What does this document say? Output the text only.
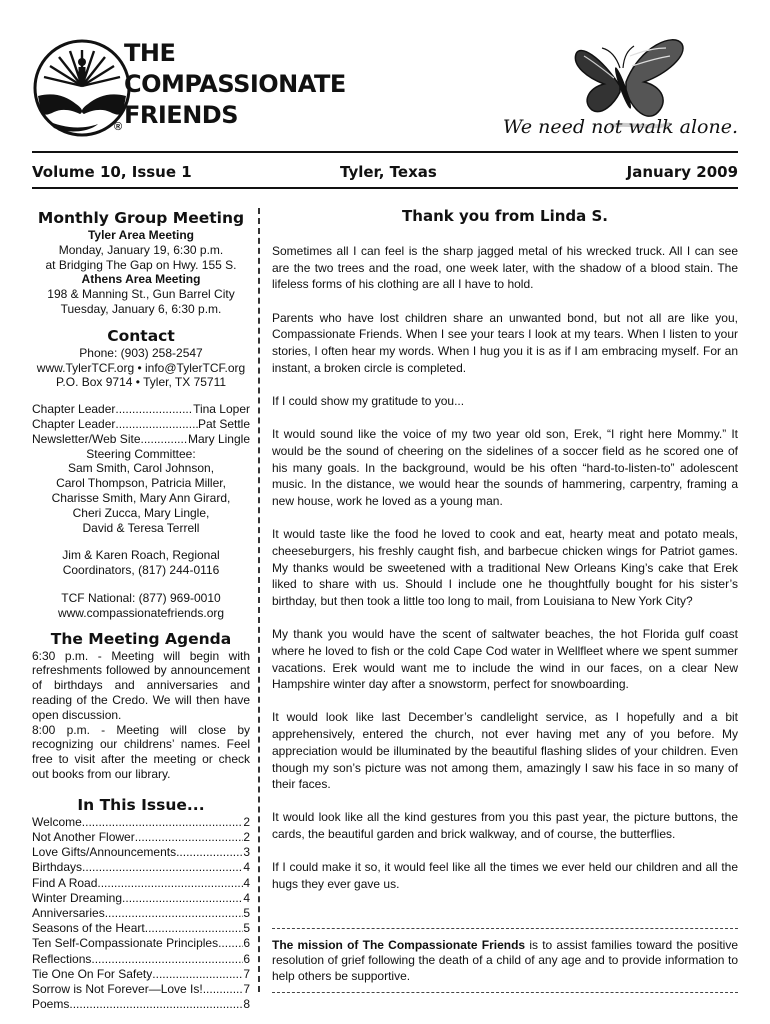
THE
COMPASSIONATE
FRIENDS
®	We need not walk alone.
Volume 10, Issue 1	Tyler, Texas	January 2009
Monthly Group Meeting
Tyler Area Meeting
Monday, January 19, 6:30 p.m.
at Bridging The Gap on Hwy. 155 S.
Athens Area Meeting
198 & Manning St., Gun Barrel City
Tuesday, January 6, 6:30 p.m.
Contact
Phone: (903) 258-2547
www.TylerTCF.org • info@TylerTCF.org
P.O. Box 9714 • Tyler, TX 75711
Chapter Leader .....	Tina Loper
Chapter Leader .....	Pat Settle
Newsletter/Web Site .....	Mary Lingle
Steering Committee:
Sam Smith, Carol Johnson,
Carol Thompson, Patricia Miller,
Charisse Smith, Mary Ann Girard,
Cheri Zucca, Mary Lingle,
David & Teresa Terrell
Jim & Karen Roach, Regional
Coordinators, (817) 244-0116
TCF National: (877) 969-0010
www.compassionatefriends.org
The Meeting Agenda
6:30 p.m. - Meeting will begin with refreshments followed by announcement of birthdays and anniversaries and reading of the Credo. We will then have open discussion.
8:00 p.m. - Meeting will close by recognizing our childrens’ names. Feel free to visit after the meeting or check out books from our library.
In This Issue...
Welcome .....	2
Not Another Flower .....	2
Love Gifts/Announcements .....	3
Birthdays .....	4
Find A Road .....	4
Winter Dreaming .....	4
Anniversaries .....	5
Seasons of the Heart .....	5
Ten Self-Compassionate Principles ..... 6
Reflections .....	6
Tie One On For Safety .....	7
Sorrow is Not Forever—Love Is! .....	7
Poems .....	8
Thank you from Linda S.

Sometimes all I can feel is the sharp jagged metal of his wrecked truck. All I can see are the two trees and the road, one week later, with the shadow of a blood stain. The lifeless forms of his clothing are all I have to hold.

Parents who have lost children share an unwanted bond, but not all are like you, Compassionate Friends. When I see your tears I look at my tears. When I listen to your stories, I often hear my words. When I hug you it is as if I am embracing myself. For an instant, a broken circle is completed.

If I could show my gratitude to you...

It would sound like the voice of my two year old son, Erek, “I right here Mommy.” It would be the sound of cheering on the sidelines of a soccer field as he scored one of his many goals. In the background, would be his often “hard-to-listen-to” adolescent music. In the distance, we would hear the sounds of hammering, carpentry, framing a new house, work he loved as a young man.

It would taste like the food he loved to cook and eat, hearty meat and potato meals, cheeseburgers, his freshly caught fish, and barbecue chicken wings for Patriot games. My thanks would be sweetened with a traditional New Orleans King’s cake that Erek liked to share with us. Should I include one he thoughtfully bought for his sister’s birthday, but then took a little too long to mail, from Louisiana to New York City?

My thank you would have the scent of saltwater beaches, the hot Florida gulf coast where he loved to fish or the cold Cape Cod water in Wellfleet where we spent summer vacations. Erek would want me to include the wind in our faces, on a clear New Hampshire winter day after a snowstorm, perfect for snowboarding.

It would look like last December’s candlelight service, as I hopefully and a bit apprehensively, entered the church, not ever having met any of you before. My appreciation would be illuminated by the beautiful flashing slides of your children. Even though my son’s picture was not among them, amazingly I saw his face in so many of their faces.

It would look like all the kind gestures from you this past year, the picture buttons, the cards, the beautiful garden and brick walkway, and of course, the butterflies.

If I could make it so, it would feel like all the times we ever held our children and all the hugs they ever gave us.

The mission of The Compassionate Friends is to assist families toward the positive resolution of grief following the death of a child of any age and to provide information to help others be supportive.
